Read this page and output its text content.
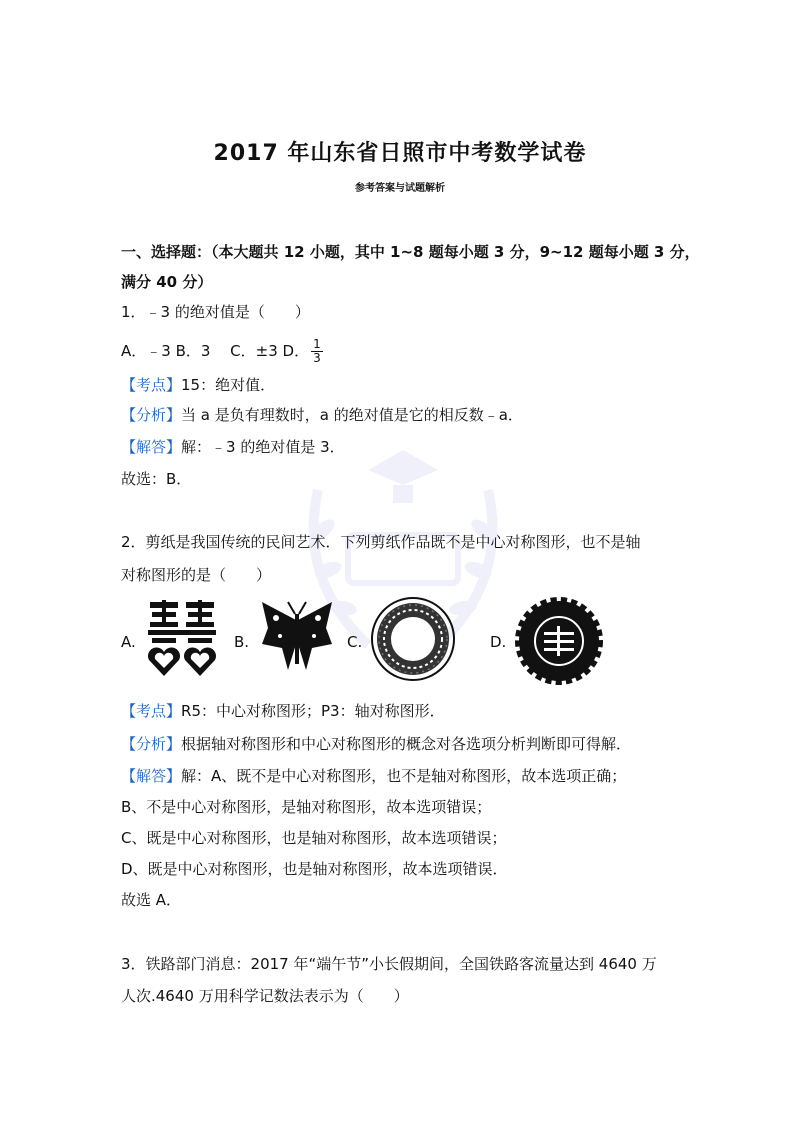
2017 年山东省日照市中考数学试卷
参考答案与试题解析
一、选择题：（本大题共 12 小题，其中 1~8 题每小题 3 分，9~12 题每小题 3 分，
满分 40 分）
1．﹣3 的绝对值是（　　）
A．﹣3 B．3　 C．±3 D． $\frac{1}{3}$
【考点】15：绝对值．
【分析】当 a 是负有理数时，a 的绝对值是它的相反数﹣a．
【解答】解：﹣3 的绝对值是 3．
故选：B．
2．剪纸是我国传统的民间艺术．下列剪纸作品既不是中心对称图形，也不是轴
对称图形的是（　　）
A.	B.	C.	D.
【考点】R5：中心对称图形；P3：轴对称图形．
【分析】根据轴对称图形和中心对称图形的概念对各选项分析判断即可得解．
【解答】解：A、既不是中心对称图形，也不是轴对称图形，故本选项正确；
B、不是中心对称图形，是轴对称图形，故本选项错误；
C、既是中心对称图形，也是轴对称图形，故本选项错误；
D、既是中心对称图形，也是轴对称图形，故本选项错误．
故选 A．
3．铁路部门消息：2017 年“端午节”小长假期间，全国铁路客流量达到 4640 万
人次.4640 万用科学记数法表示为（　　）
